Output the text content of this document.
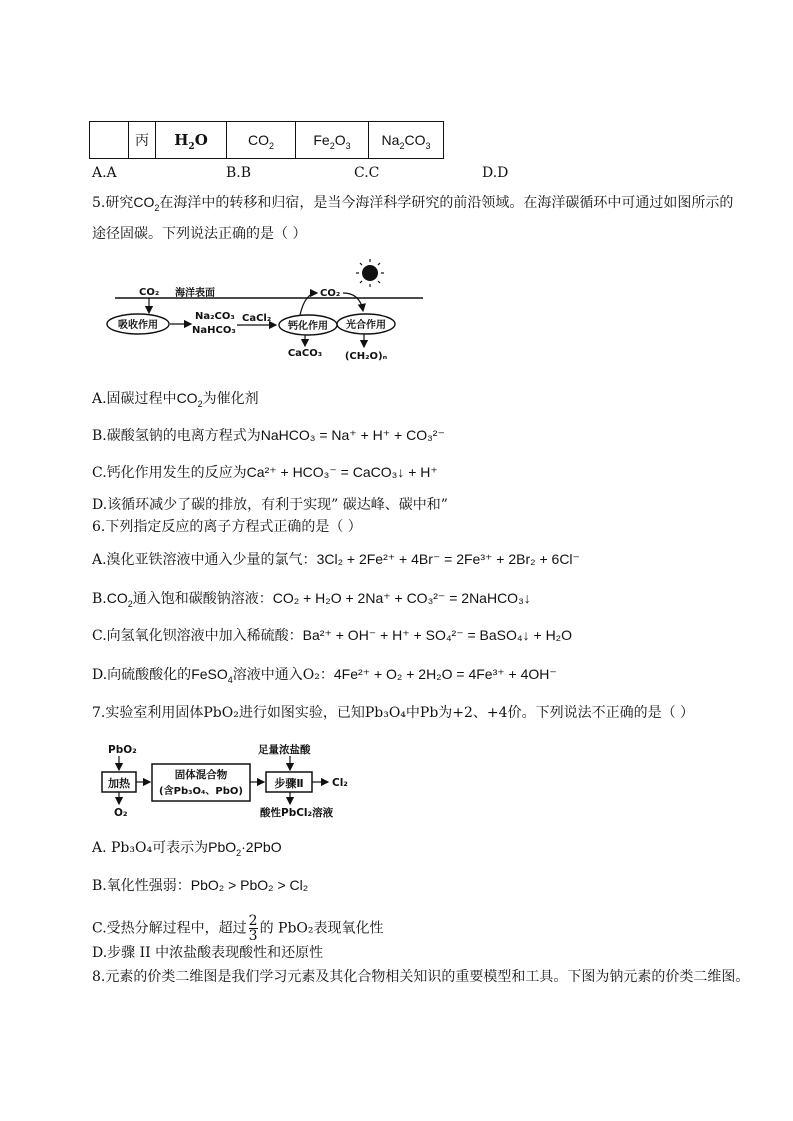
	丙	$H_2O$	$CO_2$	$Fe_2O_3$	$Na_2CO_3$
A.A	B.B	C.C	D.D
5.研究$CO_2$在海洋中的转移和归宿，是当今海洋科学研究的前沿领域。在海洋碳循环中可通过如图所示的
途径固碳。下列说法正确的是（ ）
CO₂ 海洋表面
吸收作用
Na₂CO₃
NaHCO₃
CaCl₂
CO₂
钙化作用 光合作用
CaCO₃ (CH₂O)ₙ
A.固碳过程中$CO_2$为催化剂
B.碳酸氢钠的电离方程式为NaHCO₃ = Na⁺ + H⁺ + CO₃²⁻
C.钙化作用发生的反应为Ca²⁺ + HCO₃⁻ = CaCO₃↓ + H⁺
D.该循环减少了碳的排放，有利于实现” 碳达峰、碳中和”
6.下列指定反应的离子方程式正确的是（ ）
A.溴化亚铁溶液中通入少量的氯气：3Cl₂ + 2Fe²⁺ + 4Br⁻ = 2Fe³⁺ + 2Br₂ + 6Cl⁻
$B.CO_2$通入饱和碳酸钠溶液：CO₂ + H₂O + 2Na⁺ + CO₃²⁻ = 2NaHCO₃↓
C.向氢氧化钡溶液中加入稀硫酸：Ba²⁺ + OH⁻ + H⁺ + SO₄²⁻ = BaSO₄↓ + H₂O
D.向硫酸酸化的FeSO$_4$溶液中通入O₂：4Fe²⁺ + O₂ + 2H₂O = 4Fe³⁺ + 4OH⁻
7.实验室利用固体PbO₂进行如图实验，已知Pb₃O₄中Pb为+2、+4价。下列说法不正确的是（ ）
PbO₂
加热
O₂
固体混合物
(含Pb₃O₄、PbO)
足量浓盐酸
步骤Ⅱ	Cl₂
酸性PbCl₂溶液
A. Pb₃O₄可表示为PbO$_2$·2PbO
B.氧化性强弱：PbO₂ > PbO₂ > Cl₂
C.受热分解过程中，超过 $\frac{2}{3}$ 的 PbO₂表现氧化性
D.步骤 II 中浓盐酸表现酸性和还原性
8.元素的价类二维图是我们学习元素及其化合物相关知识的重要模型和工具。下图为钠元素的价类二维图。
